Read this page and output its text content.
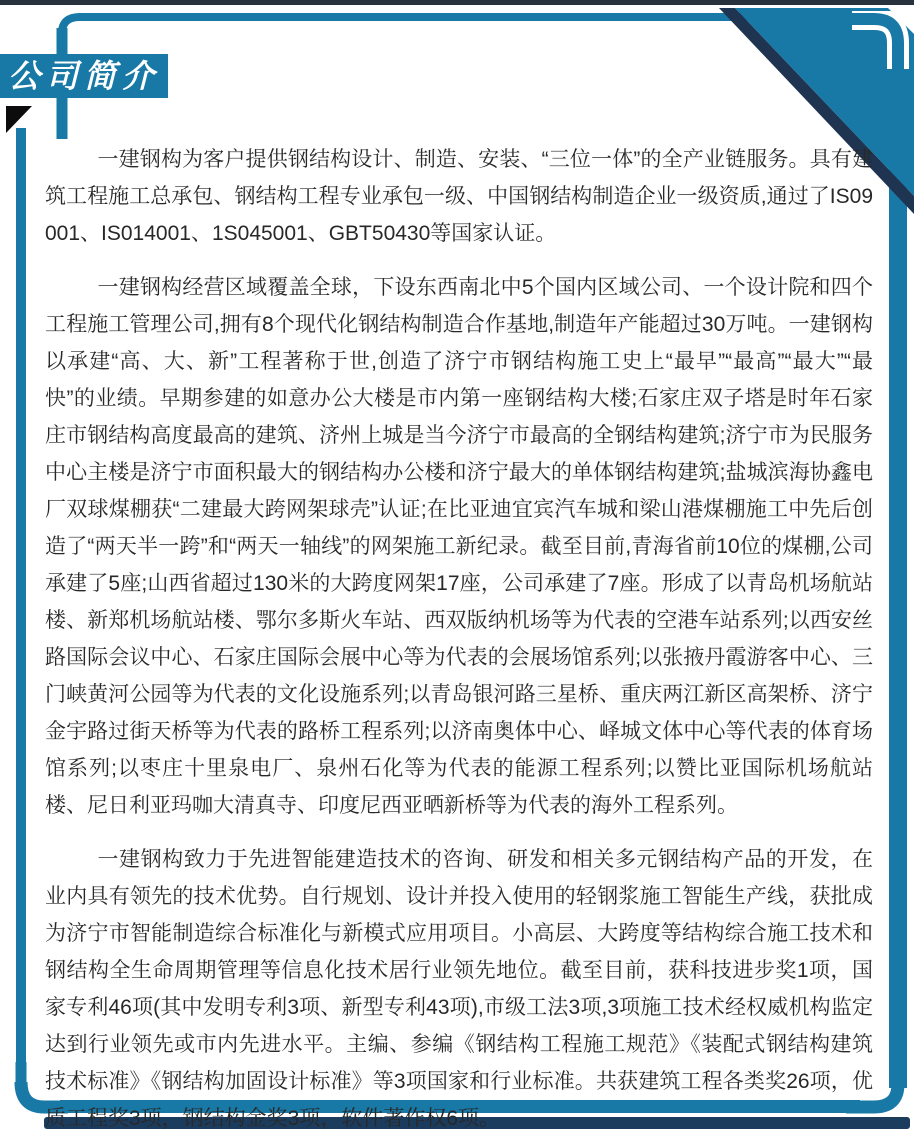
公司简介

一建钢构为客户提供钢结构设计、制造、安装、“三位一体”的全产业链服务。具有建筑工程施工总承包、钢结构工程专业承包一级、中国钢结构制造企业一级资质,通过了IS09001、IS014001、1S045001、GBT50430等国家认证。

一建钢构经营区域覆盖全球，下设东西南北中5个国内区域公司、一个设计院和四个工程施工管理公司,拥有8个现代化钢结构制造合作基地,制造年产能超过30万吨。一建钢构以承建“高、大、新”工程著称于世,创造了济宁市钢结构施工史上“最早”“最高”“最大”“最快”的业绩。早期参建的如意办公大楼是市内第一座钢结构大楼;石家庄双子塔是时年石家庄市钢结构高度最高的建筑、济州上城是当今济宁市最高的全钢结构建筑;济宁市为民服务中心主楼是济宁市面积最大的钢结构办公楼和济宁最大的单体钢结构建筑;盐城滨海协鑫电厂双球煤棚获“二建最大跨网架球壳”认证;在比亚迪宜宾汽车城和梁山港煤棚施工中先后创造了“两天半一跨”和“两天一轴线”的网架施工新纪录。截至目前,青海省前10位的煤棚,公司承建了5座;山西省超过130米的大跨度网架17座，公司承建了7座。形成了以青岛机场航站楼、新郑机场航站楼、鄂尔多斯火车站、西双版纳机场等为代表的空港车站系列;以西安丝路国际会议中心、石家庄国际会展中心等为代表的会展场馆系列;以张掖丹霞游客中心、三门峡黄河公园等为代表的文化设施系列;以青岛银河路三星桥、重庆两江新区高架桥、济宁金宇路过街天桥等为代表的路桥工程系列;以济南奥体中心、峄城文体中心等代表的体育场馆系列;以枣庄十里泉电厂、泉州石化等为代表的能源工程系列;以赞比亚国际机场航站楼、尼日利亚玛咖大清真寺、印度尼西亚晒新桥等为代表的海外工程系列。

一建钢构致力于先进智能建造技术的咨询、研发和相关多元钢结构产品的开发，在业内具有领先的技术优势。自行规划、设计并投入使用的轻钢浆施工智能生产线，获批成为济宁市智能制造综合标准化与新模式应用项目。小高层、大跨度等结构综合施工技术和钢结构全生命周期管理等信息化技术居行业领先地位。截至目前，获科技进步奖1项，国家专利46项(其中发明专利3项、新型专利43项),市级工法3项,3项施工技术经权威机构监定达到行业领先或市内先进水平。主编、参编《钢结构工程施工规范》《装配式钢结构建筑技术标准》《钢结构加固设计标准》等3项国家和行业标准。共获建筑工程各类奖26项，优质工程奖3项，钢结构金奖3项，软件著作权6项。
